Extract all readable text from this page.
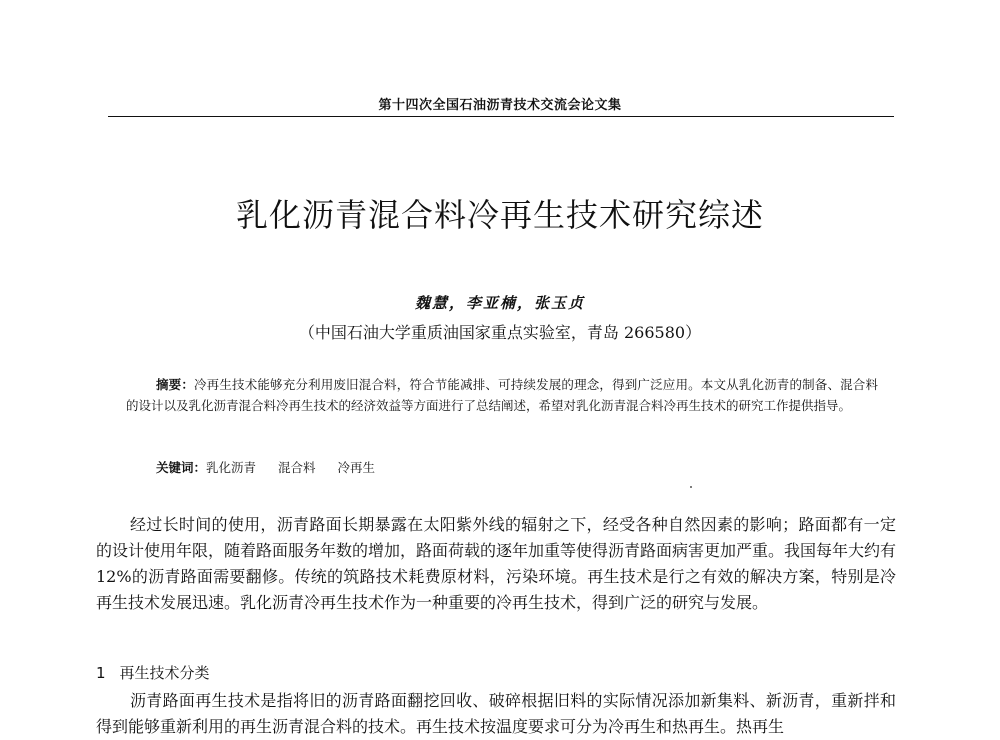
第十四次全国石油沥青技术交流会论文集
乳化沥青混合料冷再生技术研究综述
魏慧，李亚楠，张玉贞
（中国石油大学重质油国家重点实验室，青岛 266580）
摘要：冷再生技术能够充分利用废旧混合料，符合节能减排、可持续发展的理念，得到广泛应用。本文从乳化沥青的制备、混合料的设计以及乳化沥青混合料冷再生技术的经济效益等方面进行了总结阐述，希望对乳化沥青混合料冷再生技术的研究工作提供指导。
关键词：乳化沥青 混合料 冷再生
经过长时间的使用，沥青路面长期暴露在太阳紫外线的辐射之下，经受各种自然因素的影响；路面都有一定的设计使用年限，随着路面服务年数的增加，路面荷载的逐年加重等使得沥青路面病害更加严重。我国每年大约有12%的沥青路面需要翻修。传统的筑路技术耗费原材料，污染环境。再生技术是行之有效的解决方案，特别是冷再生技术发展迅速。乳化沥青冷再生技术作为一种重要的冷再生技术，得到广泛的研究与发展。
1 再生技术分类
沥青路面再生技术是指将旧的沥青路面翻挖回收、破碎根据旧料的实际情况添加新集料、新沥青，重新拌和得到能够重新利用的再生沥青混合料的技术。再生技术按温度要求可分为冷再生和热再生。热再生
